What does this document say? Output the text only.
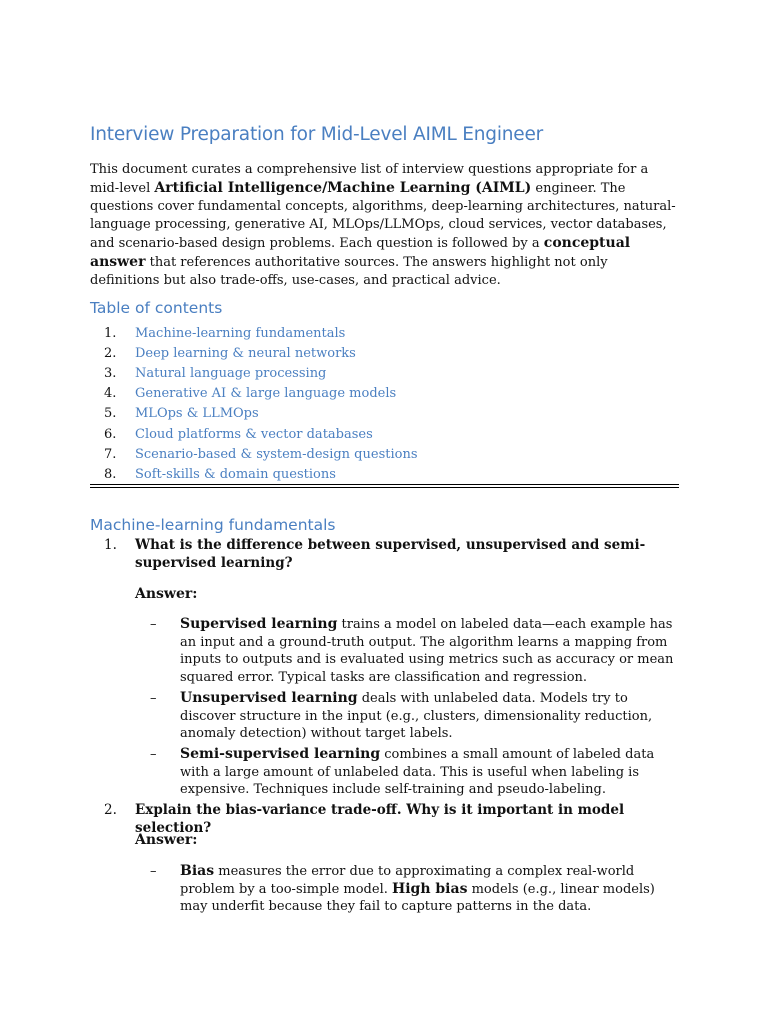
Interview Preparation for Mid-Level AIML Engineer

This document curates a comprehensive list of interview questions appropriate for a mid-level Artificial Intelligence/Machine Learning (AIML) engineer. The questions cover fundamental concepts, algorithms, deep-learning architectures, natural-language processing, generative AI, MLOps/LLMOps, cloud services, vector databases, and scenario-based design problems. Each question is followed by a conceptual answer that references authoritative sources. The answers highlight not only definitions but also trade-offs, use-cases, and practical advice.

Table of contents
1.	Machine-learning fundamentals
2.	Deep learning & neural networks
3.	Natural language processing
4.	Generative AI & large language models
5.	MLOps & LLMOps
6.	Cloud platforms & vector databases
7.	Scenario-based & system-design questions
8.	Soft-skills & domain questions
Machine-learning fundamentals
1.	What is the difference between supervised, unsupervised and semi-supervised learning?
Answer:
–	Supervised learning trains a model on labeled data—each example has an input and a ground-truth output. The algorithm learns a mapping from inputs to outputs and is evaluated using metrics such as accuracy or mean squared error. Typical tasks are classification and regression.
–	Unsupervised learning deals with unlabeled data. Models try to discover structure in the input (e.g., clusters, dimensionality reduction, anomaly detection) without target labels.
–	Semi-supervised learning combines a small amount of labeled data with a large amount of unlabeled data. This is useful when labeling is expensive. Techniques include self-training and pseudo-labeling.
2.	Explain the bias-variance trade-off. Why is it important in model selection?
Answer:
–	Bias measures the error due to approximating a complex real-world problem by a too-simple model. High bias models (e.g., linear models) may underfit because they fail to capture patterns in the data.
